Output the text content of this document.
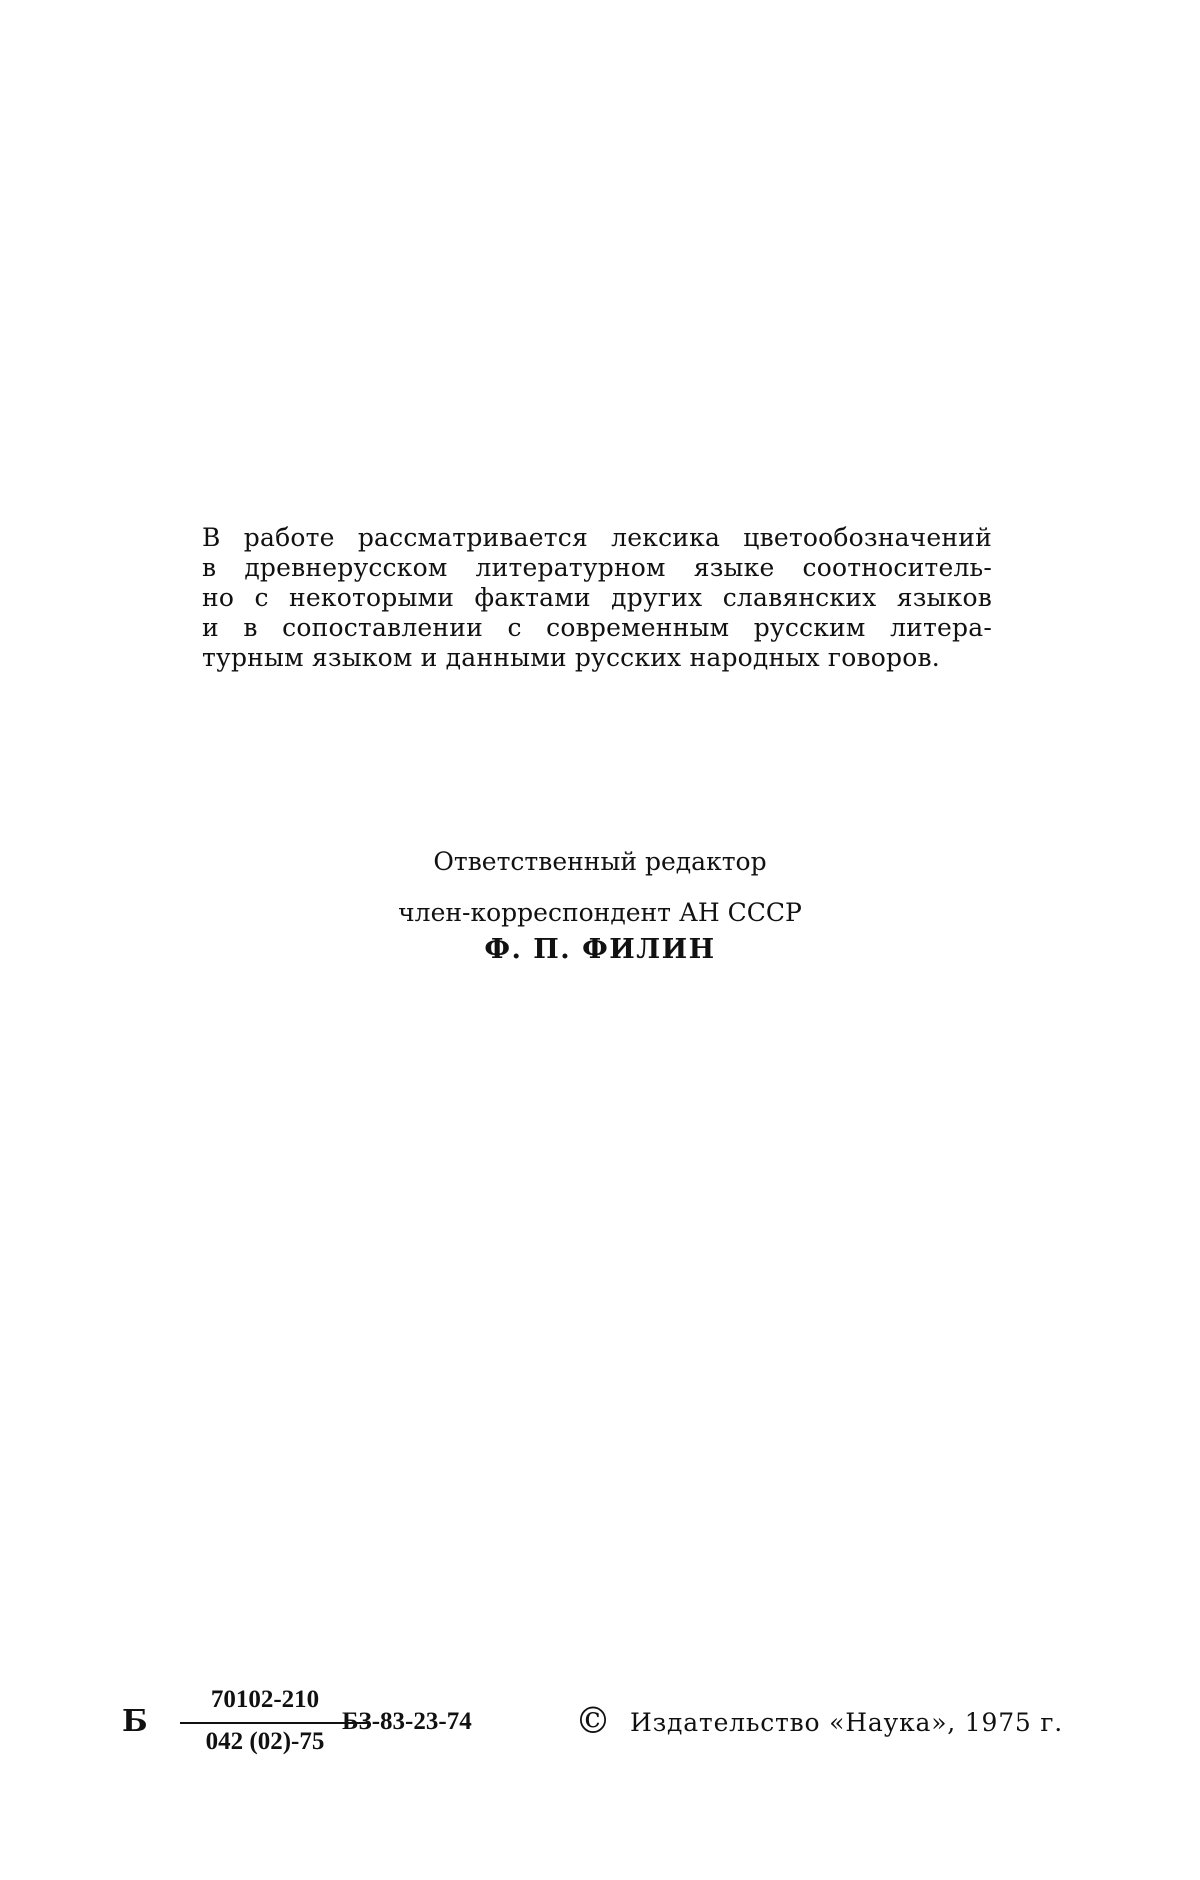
В работе рассматривается лексика цветообозначений
в древнерусском литературном языке соотноситель-
но с некоторыми фактами других славянских языков
и в сопоставлении с современным русским литера-
турным языком и данными русских народных говоров.
Ответственный редактор
член-корреспондент АН СССР
Ф. П. ФИЛИН
Б
70102-210
042 (02)-75
БЗ-83-23-74	© Издательство «Наука», 1975 г.
